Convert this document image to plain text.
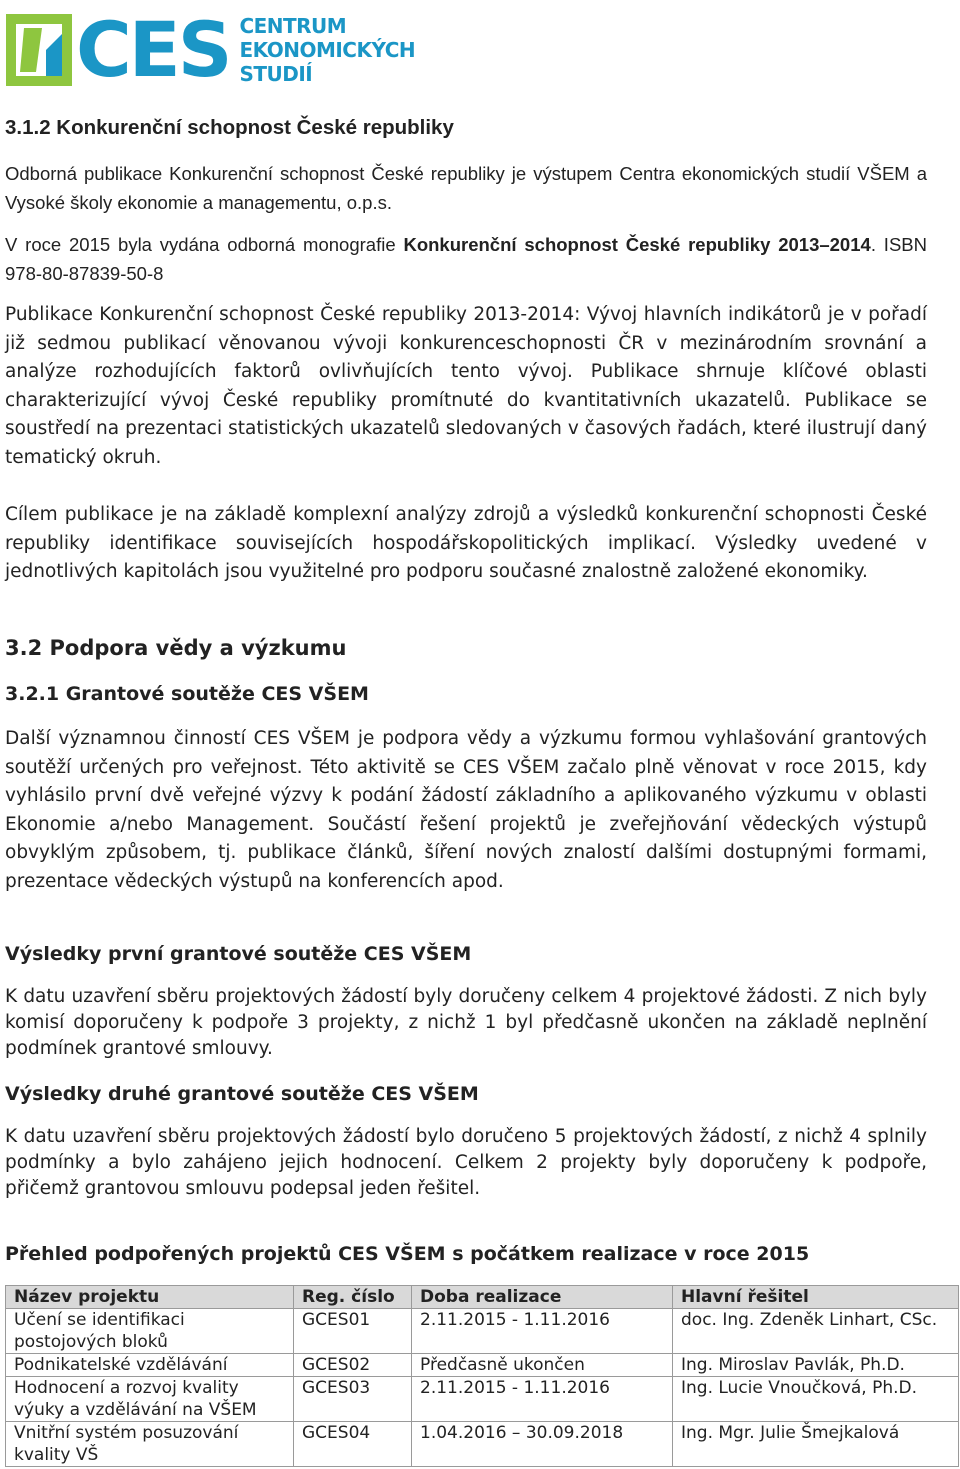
CES CENTRUM
EKONOMICKÝCH
STUDIÍ
3.1.2 Konkurenční schopnost České republiky

Odborná publikace Konkurenční schopnost České republiky je výstupem Centra ekonomických studií VŠEM a Vysoké školy ekonomie a managementu, o.p.s.

V roce 2015 byla vydána odborná monografie Konkurenční schopnost České republiky 2013–2014. ISBN 978-80-87839-50-8

Publikace Konkurenční schopnost České republiky 2013-2014: Vývoj hlavních indikátorů je v pořadí již sedmou publikací věnovanou vývoji konkurenceschopnosti ČR v mezinárodním srovnání a analýze rozhodujících faktorů ovlivňujících tento vývoj. Publikace shrnuje klíčové oblasti charakterizující vývoj České republiky promítnuté do kvantitativních ukazatelů. Publikace se soustředí na prezentaci statistických ukazatelů sledovaných v časových řadách, které ilustrují daný tematický okruh.

Cílem publikace je na základě komplexní analýzy zdrojů a výsledků konkurenční schopnosti České republiky identifikace souvisejících hospodářskopolitických implikací. Výsledky uvedené v jednotlivých kapitolách jsou využitelné pro podporu současné znalostně založené ekonomiky.

3.2 Podpora vědy a výzkumu
3.2.1 Grantové soutěže CES VŠEM

Další významnou činností CES VŠEM je podpora vědy a výzkumu formou vyhlašování grantových soutěží určených pro veřejnost. Této aktivitě se CES VŠEM začalo plně věnovat v roce 2015, kdy vyhlásilo první dvě veřejné výzvy k podání žádostí základního a aplikovaného výzkumu v oblasti Ekonomie a/nebo Management. Součástí řešení projektů je zveřejňování vědeckých výstupů obvyklým způsobem, tj. publikace článků, šíření nových znalostí dalšími dostupnými formami, prezentace vědeckých výstupů na konferencích apod.

Výsledky první grantové soutěže CES VŠEM

K datu uzavření sběru projektových žádostí byly doručeny celkem 4 projektové žádosti. Z nich byly komisí doporučeny k podpoře 3 projekty, z nichž 1 byl předčasně ukončen na základě neplnění podmínek grantové smlouvy.

Výsledky druhé grantové soutěže CES VŠEM

K datu uzavření sběru projektových žádostí bylo doručeno 5 projektových žádostí, z nichž 4 splnily podmínky a bylo zahájeno jejich hodnocení. Celkem 2 projekty byly doporučeny k podpoře, přičemž grantovou smlouvu podepsal jeden řešitel.

Přehled podpořených projektů CES VŠEM s počátkem realizace v roce 2015
Název projektu	Reg. číslo	Doba realizace	Hlavní řešitel
Učení se identifikaci postojových bloků	GCES01	2.11.2015 - 1.11.2016	doc. Ing. Zdeněk Linhart, CSc.
Podnikatelské vzdělávání	GCES02	Předčasně ukončen	Ing. Miroslav Pavlák, Ph.D.
Hodnocení a rozvoj kvality výuky a vzdělávání na VŠEM	GCES03	2.11.2015 - 1.11.2016	Ing. Lucie Vnoučková, Ph.D.
Vnitřní systém posuzování kvality VŠ	GCES04	1.04.2016 – 30.09.2018	Ing. Mgr. Julie Šmejkalová
